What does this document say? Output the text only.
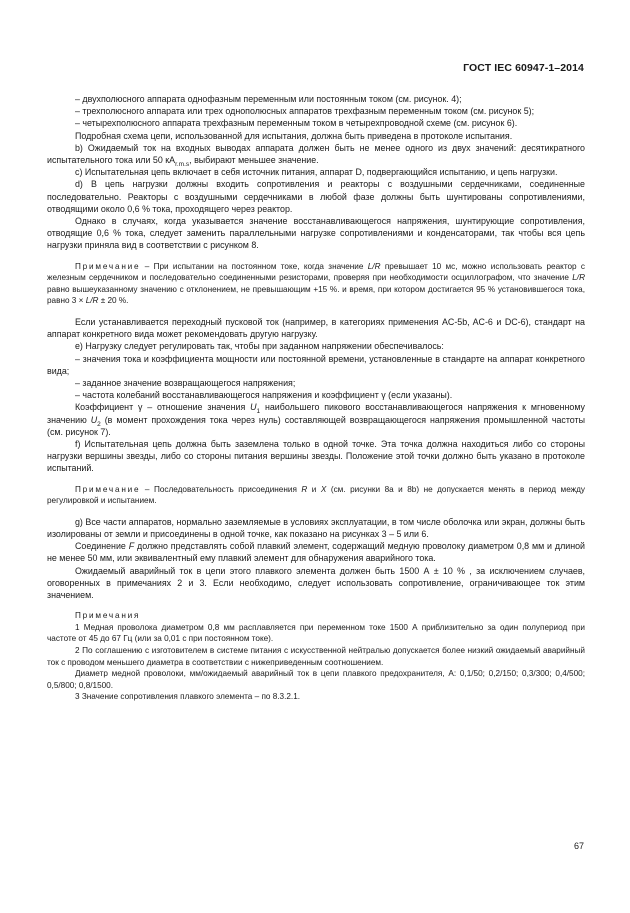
ГОСТ IEC 60947-1–2014

– двухполюсного аппарата однофазным переменным или постоянным током (см. рисунок. 4);

– трехполюсного аппарата или трех однополюсных аппаратов трехфазным переменным током (см. рисунок 5);

– четырехполюсного аппарата трехфазным переменным током в четырехпроводной схеме (см. рисунок 6).

Подробная схема цепи, использованной для испытания, должна быть приведена в протоколе испытания.

b) Ожидаемый ток на входных выводах аппарата должен быть не менее одного из двух значений: десятикратного испытательного тока или 50 $кА_{r.m.s}$, выбирают меньшее значение.

c) Испытательная цепь включает в себя источник питания, аппарат D, подвергающийся испытанию, и цепь нагрузки.

d) В цепь нагрузки должны входить сопротивления и реакторы с воздушными сердечниками, соединенные последовательно. Реакторы с воздушными сердечниками в любой фазе должны быть шунтированы сопротивлениями, отводящими около 0,6 % тока, проходящего через реактор.

Однако в случаях, когда указывается значение восстанавливающегося напряжения, шунтирующие сопротивления, отводящие 0,6 % тока, следует заменить параллельными нагрузке сопротивлениями и конденсаторами, так чтобы вся цепь нагрузки приняла вид в соответствии с рисунком 8.

Примечание – При испытании на постоянном токе, когда значение L/R превышает 10 мс, можно использовать реактор с железным сердечником и последовательно соединенными резисторами, проверяя при необходимости осциллографом, что значение L/R равно вышеуказанному значению с отклонением, не превышающим +15 %. и время, при котором достигается 95 % установившегося тока, равно 3 × L/R ± 20 %.

Если устанавливается переходный пусковой ток (например, в категориях применения AC-5b, AC-6 и DC-6), стандарт на аппарат конкретного вида может рекомендовать другую нагрузку.

e) Нагрузку следует регулировать так, чтобы при заданном напряжении обеспечивалось:

– значения тока и коэффициента мощности или постоянной времени, установленные в стандарте на аппарат конкретного вида;

– заданное значение возвращающегося напряжения;

– частота колебаний восстанавливающегося напряжения и коэффициент γ (если указаны).

Коэффициент γ – отношение значения $U_1$ наибольшего пикового восстанавливающегося напряжения к мгновенному значению $U_2$ (в момент прохождения тока через нуль) составляющей возвращающегося напряжения промышленной частоты (см. рисунок 7).

f) Испытательная цепь должна быть заземлена только в одной точке. Эта точка должна находиться либо со стороны нагрузки вершины звезды, либо со стороны питания вершины звезды. Положение этой точки должно быть указано в протоколе испытаний.

Примечание – Последовательность присоединения R и X (см. рисунки 8а и 8b) не допускается менять в период между регулировкой и испытанием.

g) Все части аппаратов, нормально заземляемые в условиях эксплуатации, в том числе оболочка или экран, должны быть изолированы от земли и присоединены в одной точке, как показано на рисунках 3 – 5 или 6.

Соединение F должно представлять собой плавкий элемент, содержащий медную проволоку диаметром 0,8 мм и длиной не менее 50 мм, или эквивалентный ему плавкий элемент для обнаружения аварийного тока.

Ожидаемый аварийный ток в цепи этого плавкого элемента должен быть 1500 А ± 10 % , за исключением случаев, оговоренных в примечаниях 2 и 3. Если необходимо, следует использовать сопротивление, ограничивающее ток этим значением.

Примечания

1 Медная проволока диаметром 0,8 мм расплавляется при переменном токе 1500 А приблизительно за один полупериод при частоте от 45 до 67 Гц (или за 0,01 с при постоянном токе).

2 По соглашению с изготовителем в системе питания с искусственной нейтралью допускается более низкий ожидаемый аварийный ток с проводом меньшего диаметра в соответствии с нижеприведенным соотношением.

Диаметр медной проволоки, мм/ожидаемый аварийный ток в цепи плавкого предохранителя, А: 0,1/50; 0,2/150; 0,3/300; 0,4/500; 0,5/800; 0,8/1500.

3 Значение сопротивления плавкого элемента – по 8.3.2.1.

67
